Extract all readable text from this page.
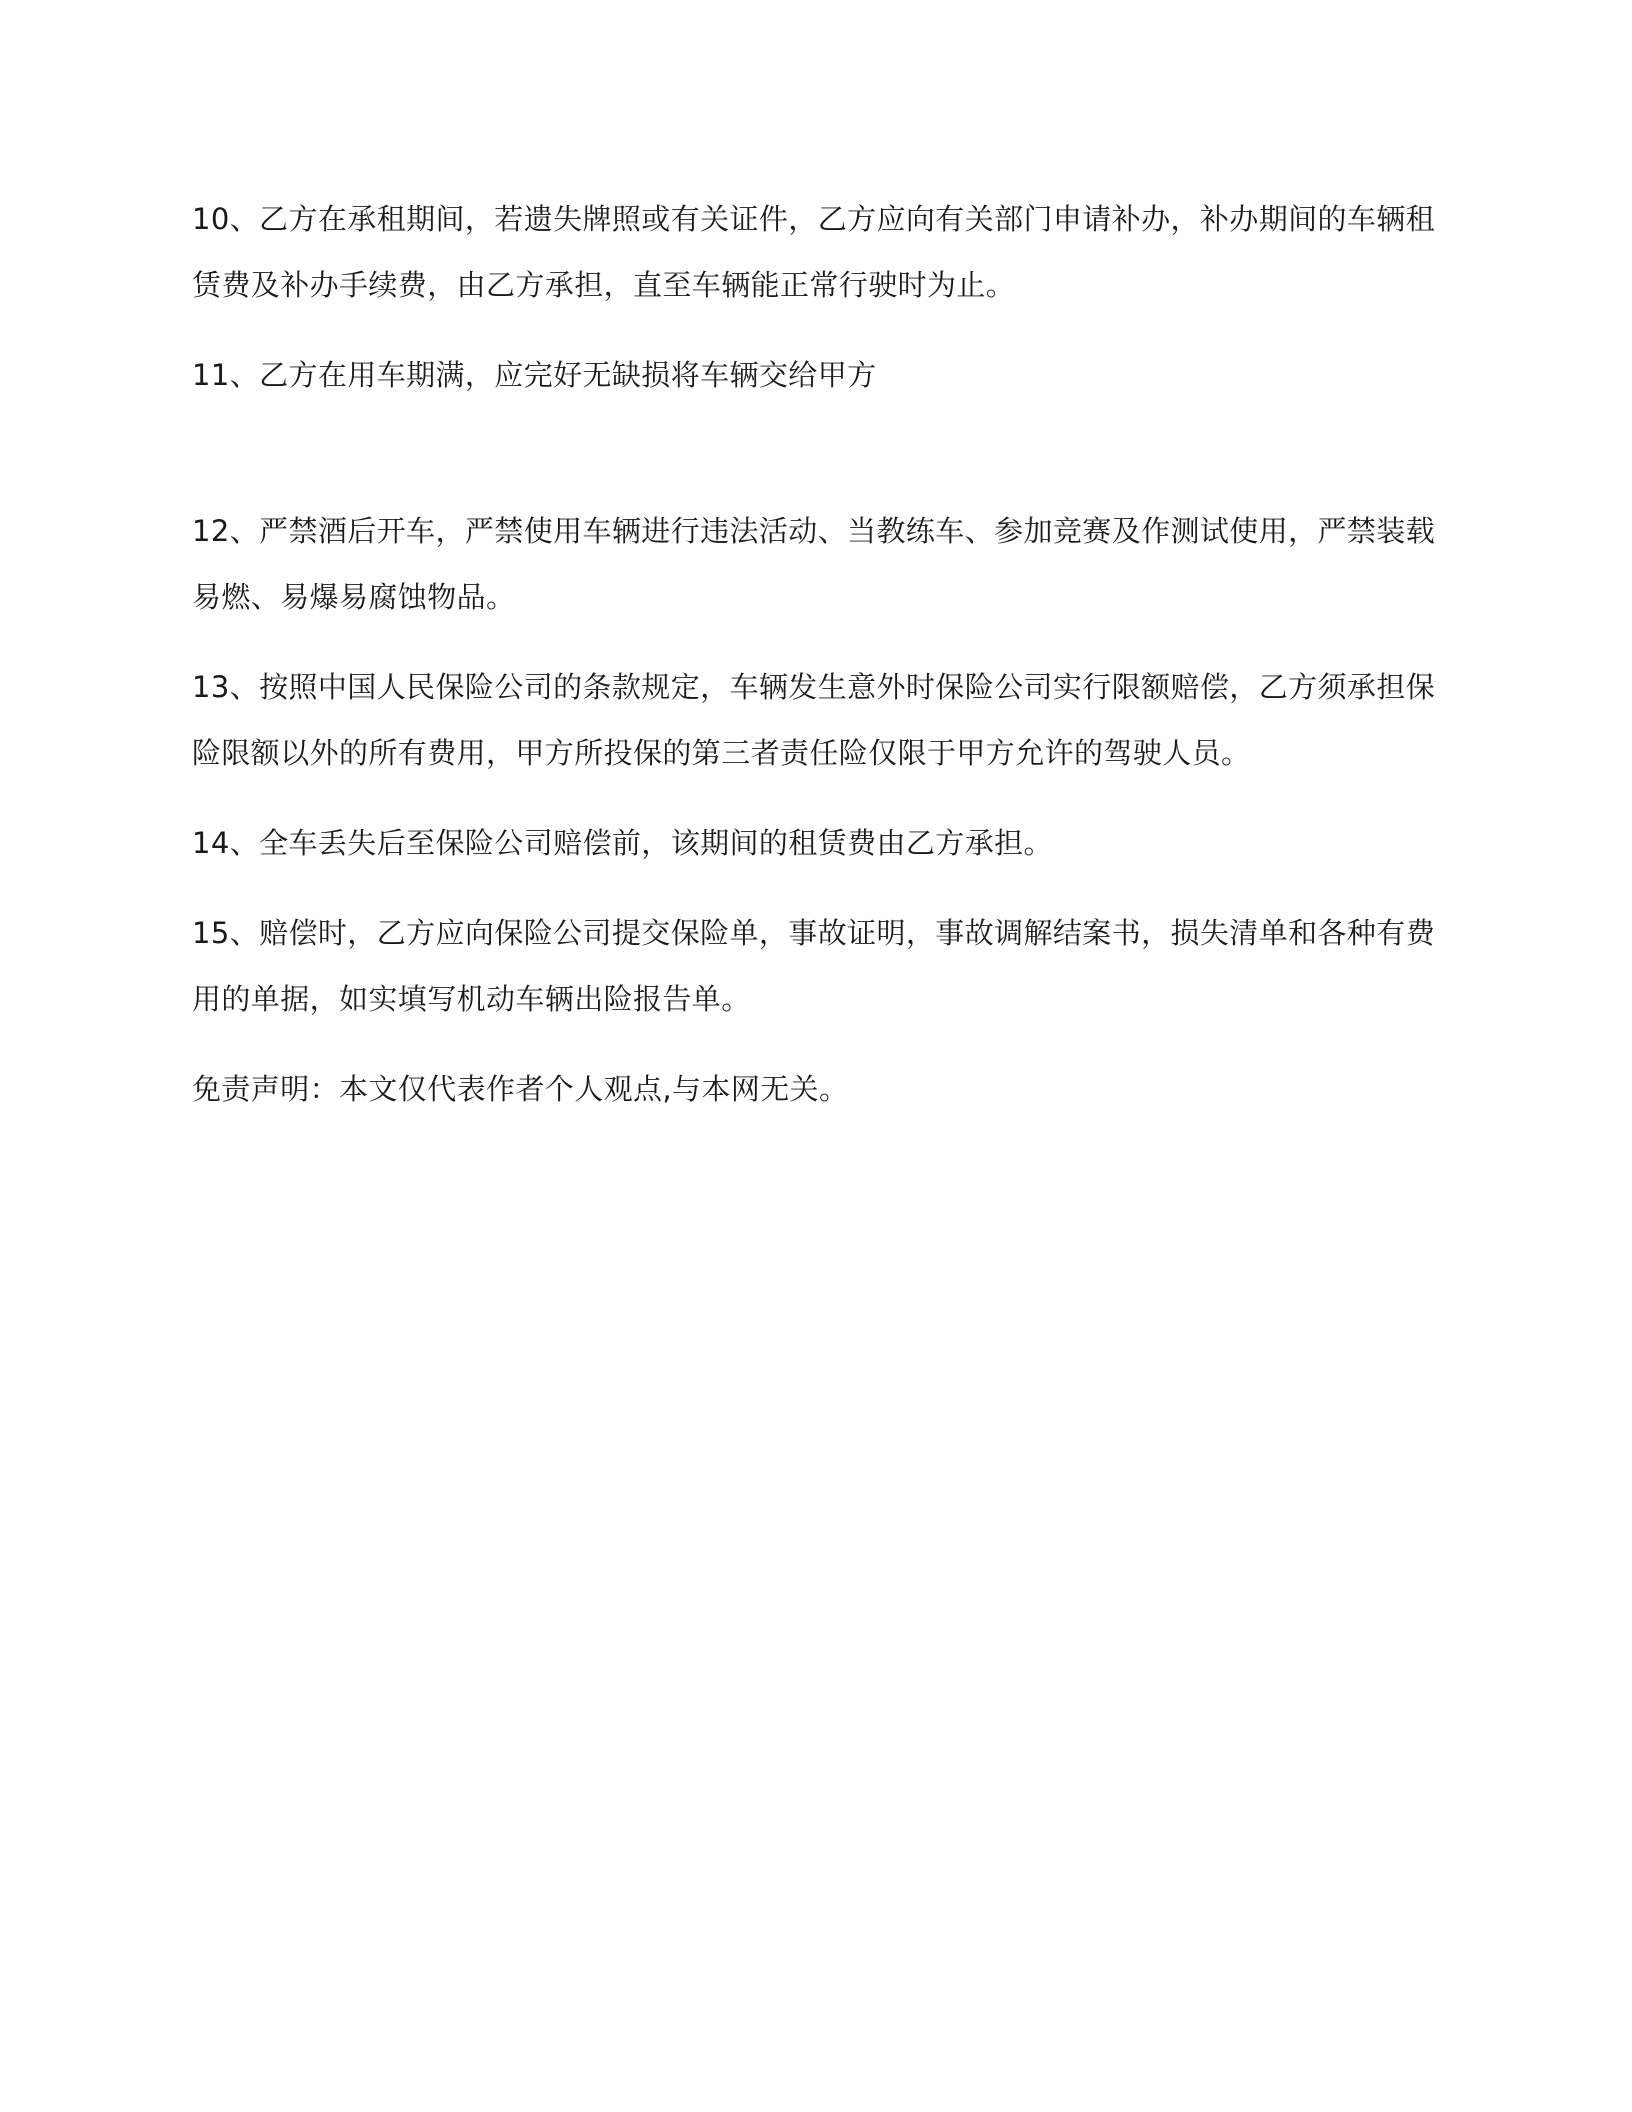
10、乙方在承租期间，若遗失牌照或有关证件，乙方应向有关部门申请补办，补办期间的车辆租赁费及补办手续费，由乙方承担，直至车辆能正常行驶时为止。

11、乙方在用车期满，应完好无缺损将车辆交给甲方

12、严禁酒后开车，严禁使用车辆进行违法活动、当教练车、参加竞赛及作测试使用，严禁装载易燃、易爆易腐蚀物品。

13、按照中国人民保险公司的条款规定，车辆发生意外时保险公司实行限额赔偿，乙方须承担保险限额以外的所有费用，甲方所投保的第三者责任险仅限于甲方允许的驾驶人员。

14、全车丢失后至保险公司赔偿前，该期间的租赁费由乙方承担。

15、赔偿时，乙方应向保险公司提交保险单，事故证明，事故调解结案书，损失清单和各种有费用的单据，如实填写机动车辆出险报告单。

免责声明：本文仅代表作者个人观点,与本网无关。
